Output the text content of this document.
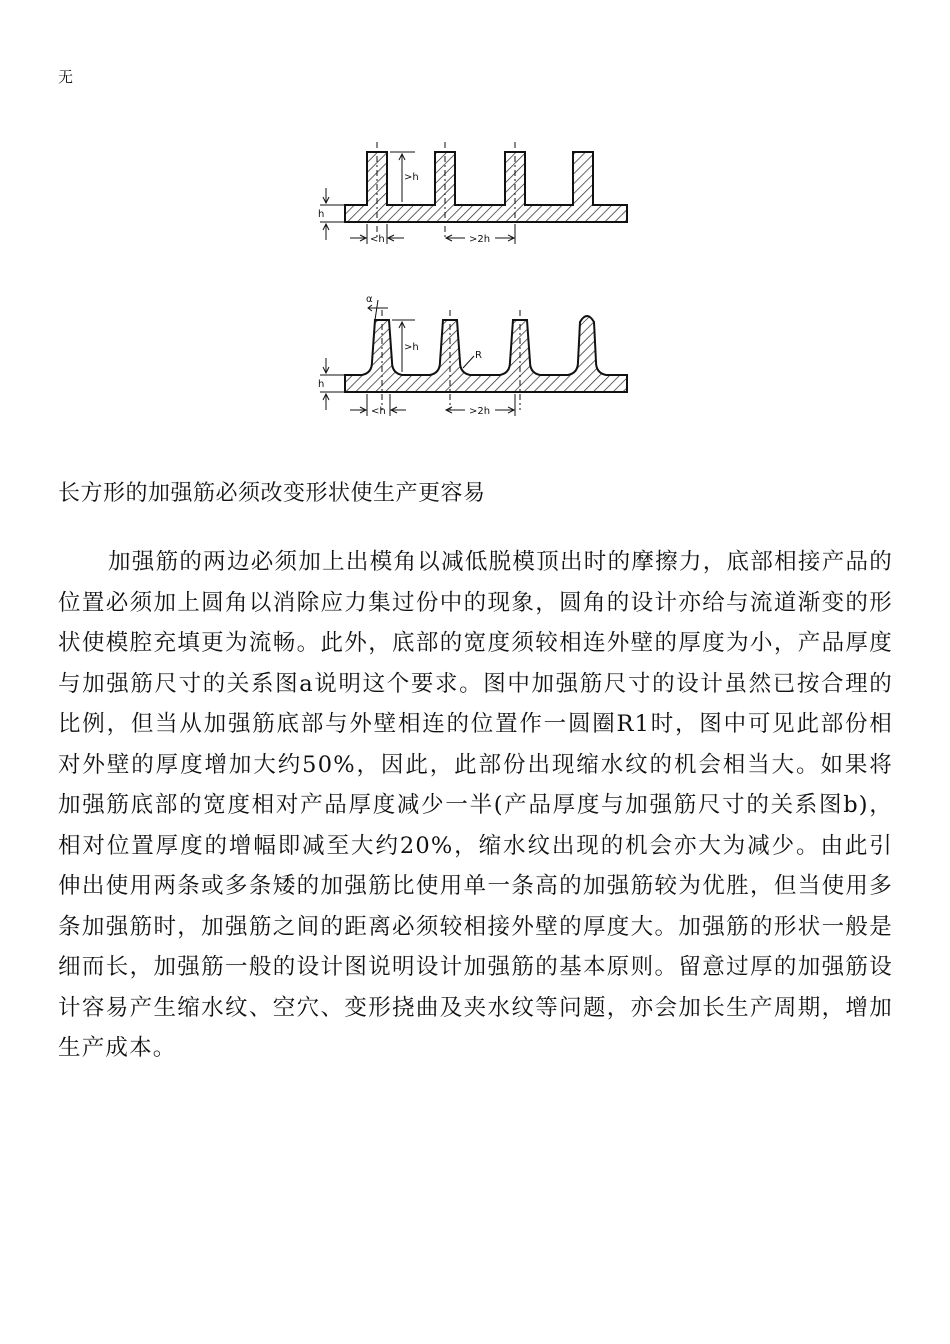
无
>h
h
<h	>2h
α
>h
R
h
<h	>2h
长方形的加强筋必须改变形状使生产更容易

加强筋的两边必须加上出模角以减低脱模顶出时的摩擦力，底部相接产品的位置必须加上圆角以消除应力集过份中的现象，圆角的设计亦给与流道渐变的形状使模腔充填更为流畅。此外，底部的宽度须较相连外壁的厚度为小，产品厚度与加强筋尺寸的关系图a说明这个要求。图中加强筋尺寸的设计虽然已按合理的比例，但当从加强筋底部与外壁相连的位置作一圆圈R1时，图中可见此部份相对外壁的厚度增加大约50%，因此，此部份出现缩水纹的机会相当大。如果将加强筋底部的宽度相对产品厚度减少一半(产品厚度与加强筋尺寸的关系图b)，相对位置厚度的增幅即减至大约20%，缩水纹出现的机会亦大为减少。由此引伸出使用两条或多条矮的加强筋比使用单一条高的加强筋较为优胜，但当使用多条加强筋时，加强筋之间的距离必须较相接外壁的厚度大。加强筋的形状一般是细而长，加强筋一般的设计图说明设计加强筋的基本原则。留意过厚的加强筋设计容易产生缩水纹、空穴、变形挠曲及夹水纹等问题，亦会加长生产周期，增加生产成本。
